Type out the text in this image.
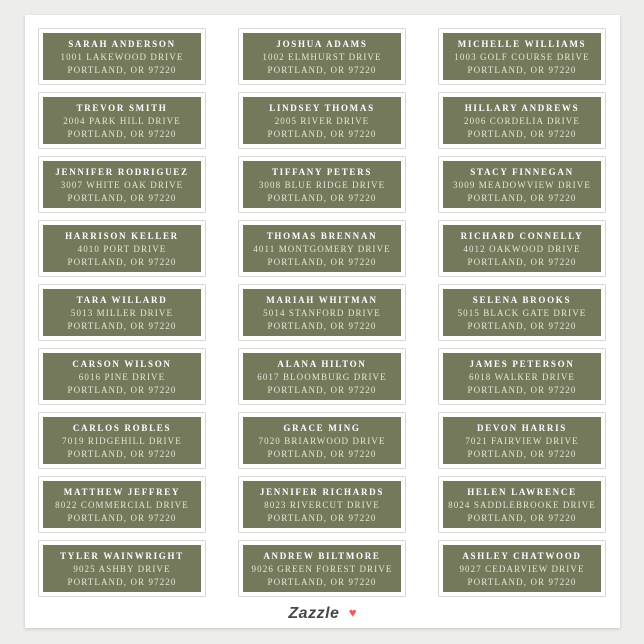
SARAH ANDERSON
1001 LAKEWOOD DRIVE
PORTLAND, OR 97220
JOSHUA ADAMS
1002 ELMHURST DRIVE
PORTLAND, OR 97220
MICHELLE WILLIAMS
1003 GOLF COURSE DRIVE
PORTLAND, OR 97220
TREVOR SMITH
2004 PARK HILL DRIVE
PORTLAND, OR 97220
LINDSEY THOMAS
2005 RIVER DRIVE
PORTLAND, OR 97220
HILLARY ANDREWS
2006 CORDELIA DRIVE
PORTLAND, OR 97220
JENNIFER RODRIGUEZ
3007 WHITE OAK DRIVE
PORTLAND, OR 97220
TIFFANY PETERS
3008 BLUE RIDGE DRIVE
PORTLAND, OR 97220
STACY FINNEGAN
3009 MEADOWVIEW DRIVE
PORTLAND, OR 97220
HARRISON KELLER
4010 PORT DRIVE
PORTLAND, OR 97220
THOMAS BRENNAN
4011 MONTGOMERY DRIVE
PORTLAND, OR 97220
RICHARD CONNELLY
4012 OAKWOOD DRIVE
PORTLAND, OR 97220
TARA WILLARD
5013 MILLER DRIVE
PORTLAND, OR 97220
MARIAH WHITMAN
5014 STANFORD DRIVE
PORTLAND, OR 97220
SELENA BROOKS
5015 BLACK GATE DRIVE
PORTLAND, OR 97220
CARSON WILSON
6016 PINE DRIVE
PORTLAND, OR 97220
ALANA HILTON
6017 BLOOMBURG DRIVE
PORTLAND, OR 97220
JAMES PETERSON
6018 WALKER DRIVE
PORTLAND, OR 97220
CARLOS ROBLES
7019 RIDGEHILL DRIVE
PORTLAND, OR 97220
GRACE MING
7020 BRIARWOOD DRIVE
PORTLAND, OR 97220
DEVON HARRIS
7021 FAIRVIEW DRIVE
PORTLAND, OR 97220
MATTHEW JEFFREY
8022 COMMERCIAL DRIVE
PORTLAND, OR 97220
JENNIFER RICHARDS
8023 RIVERCUT DRIVE
PORTLAND, OR 97220
HELEN LAWRENCE
8024 SADDLEBROOKE DRIVE
PORTLAND, OR 97220
TYLER WAINWRIGHT
9025 ASHBY DRIVE
PORTLAND, OR 97220
ANDREW BILTMORE
9026 GREEN FOREST DRIVE
PORTLAND, OR 97220
ASHLEY CHATWOOD
9027 CEDARVIEW DRIVE
PORTLAND, OR 97220
Zazzle ♥
